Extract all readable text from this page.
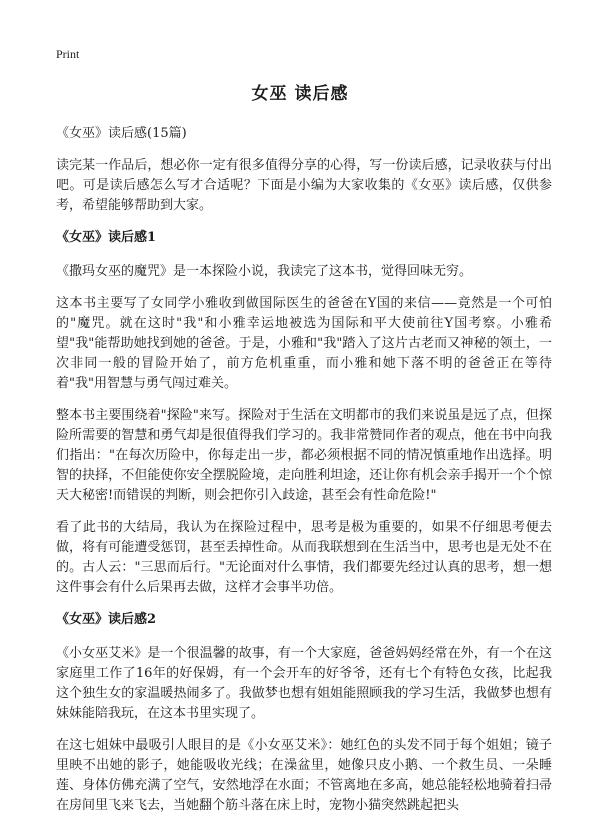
Print
女巫 读后感

《女巫》读后感(15篇)

读完某一作品后，想必你一定有很多值得分享的心得，写一份读后感，记录收获与付出吧。可是读后感怎么写才合适呢？下面是小编为大家收集的《女巫》读后感，仅供参考，希望能够帮助到大家。

《女巫》读后感1

《撒玛女巫的魔咒》是一本探险小说，我读完了这本书，觉得回味无穷。

这本书主要写了女同学小雅收到做国际医生的爸爸在Y国的来信——竟然是一个可怕的"魔咒。就在这时"我"和小雅幸运地被选为国际和平大使前往Y国考察。小雅希望"我"能帮助她找到她的爸爸。于是，小雅和"我"踏入了这片古老而又神秘的领土，一次非同一般的冒险开始了，前方危机重重，而小雅和她下落不明的爸爸正在等待着"我"用智慧与勇气闯过难关。

整本书主要围绕着"探险"来写。探险对于生活在文明都市的我们来说虽是远了点，但探险所需要的智慧和勇气却是很值得我们学习的。我非常赞同作者的观点，他在书中向我们指出："在每次历险中，你每走出一步，都必须根据不同的情况慎重地作出选择。明智的抉择，不但能使你安全摆脱险境，走向胜利坦途，还让你有机会亲手揭开一个个惊天大秘密!而错误的判断，则会把你引入歧途，甚至会有性命危险!"

看了此书的大结局，我认为在探险过程中，思考是极为重要的，如果不仔细思考便去做，将有可能遭受惩罚，甚至丢掉性命。从而我联想到在生活当中，思考也是无处不在的。古人云："三思而后行。"无论面对什么事情，我们都要先经过认真的思考，想一想这件事会有什么后果再去做，这样才会事半功倍。

《女巫》读后感2

《小女巫艾米》是一个很温馨的故事，有一个大家庭，爸爸妈妈经常在外，有一个在这家庭里工作了16年的好保姆，有一个会开车的好爷爷，还有七个有特色女孩，比起我这个独生女的家温暖热闹多了。我做梦也想有姐姐能照顾我的学习生活，我做梦也想有妹妹能陪我玩，在这本书里实现了。

在这七姐妹中最吸引人眼目的是《小女巫艾米》：她红色的头发不同于每个姐姐；镜子里映不出她的影子，她能吸收光线；在澡盆里，她像只皮小鹅、一个救生员、一朵睡莲、身体仿佛充满了空气，安然地浮在水面；不管离地在多高，她总能轻松地骑着扫帚在房间里飞来飞去，当她翻个筋斗落在床上时，宠物小猫突然跳起把头
